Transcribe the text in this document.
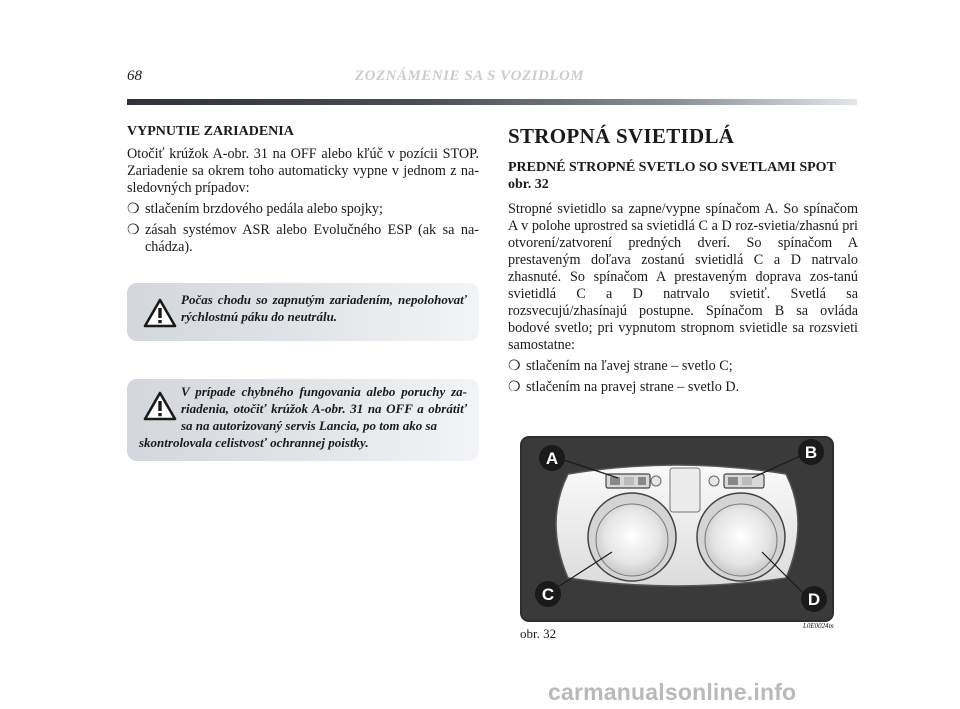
68	ZOZNÁMENIE SA S VOZIDLOM
VYPNUTIE ZARIADENIA

Otočiť krúžok A-obr. 31 na OFF alebo kľúč v pozícii STOP. Zariadenie sa okrem toho automaticky vypne v jednom z na-sledovných prípadov:

❍ stlačením brzdového pedála alebo spojky;
❍ zásah systémov ASR alebo Evolučného ESP (ak sa na-chádza).
Počas chodu so zapnutým zariadením, nepolohovať rýchlostnú páku do neutrálu.
V prípade chybného fungovania alebo poruchy za-riadenia, otočiť krúžok A-obr. 31 na OFF a obrátiť sa na autorizovaný servis Lancia, po tom ako sa
skontrolovala celistvosť ochrannej poistky.
STROPNÁ SVIETIDLÁ
PREDNÉ STROPNÉ SVETLO SO SVETLAMI SPOT obr. 32

Stropné svietidlo sa zapne/vypne spínačom A. So spínačom A v polohe uprostred sa svietidlá C a D roz-svietia/zhasnú pri otvorení/zatvorení predných dverí. So spínačom A prestaveným doľava zostanú svietidlá C a D natrvalo zhasnuté. So spínačom A prestaveným doprava zos-tanú svietidlá C a D natrvalo svietiť. Svetlá sa rozsvecujú/zhasínajú postupne. Spínačom B sa ovláda bodové svetlo; pri vypnutom stropnom svietidle sa rozsvieti samostatne:

❍ stlačením na ľavej strane – svetlo C;
❍ stlačením na pravej strane – svetlo D.
A	B
C	D
obr. 32	L0E0024m
carmanualsonline.info
